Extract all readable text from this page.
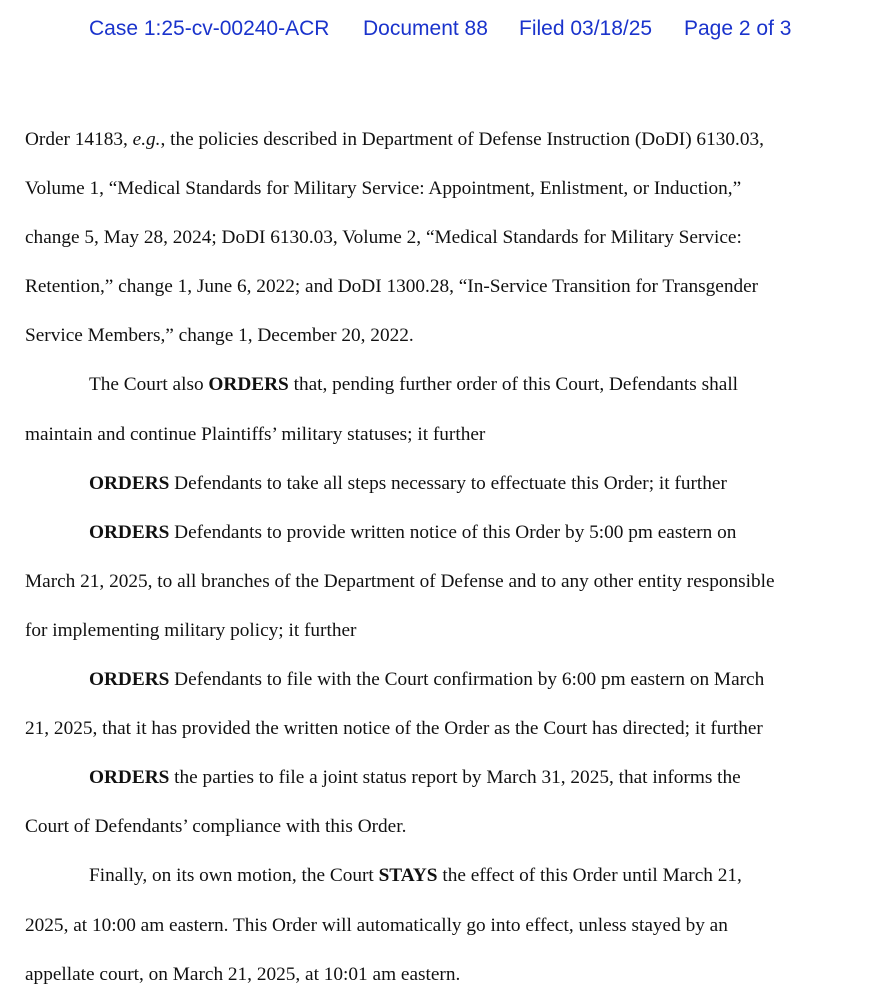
Case 1:25-cv-00240-ACR Document 88 Filed 03/18/25 Page 2 of 3
Order 14183, e.g., the policies described in Department of Defense Instruction (DoDI) 6130.03,
Volume 1, “Medical Standards for Military Service: Appointment, Enlistment, or Induction,”
change 5, May 28, 2024; DoDI 6130.03, Volume 2, “Medical Standards for Military Service:
Retention,” change 1, June 6, 2022; and DoDI 1300.28, “In-Service Transition for Transgender
Service Members,” change 1, December 20, 2022.
The Court also ORDERS that, pending further order of this Court, Defendants shall
maintain and continue Plaintiffs’ military statuses; it further
ORDERS Defendants to take all steps necessary to effectuate this Order; it further
ORDERS Defendants to provide written notice of this Order by 5:00 pm eastern on
March 21, 2025, to all branches of the Department of Defense and to any other entity responsible
for implementing military policy; it further
ORDERS Defendants to file with the Court confirmation by 6:00 pm eastern on March
21, 2025, that it has provided the written notice of the Order as the Court has directed; it further
ORDERS the parties to file a joint status report by March 31, 2025, that informs the
Court of Defendants’ compliance with this Order.
Finally, on its own motion, the Court STAYS the effect of this Order until March 21,
2025, at 10:00 am eastern. This Order will automatically go into effect, unless stayed by an
appellate court, on March 21, 2025, at 10:01 am eastern.
